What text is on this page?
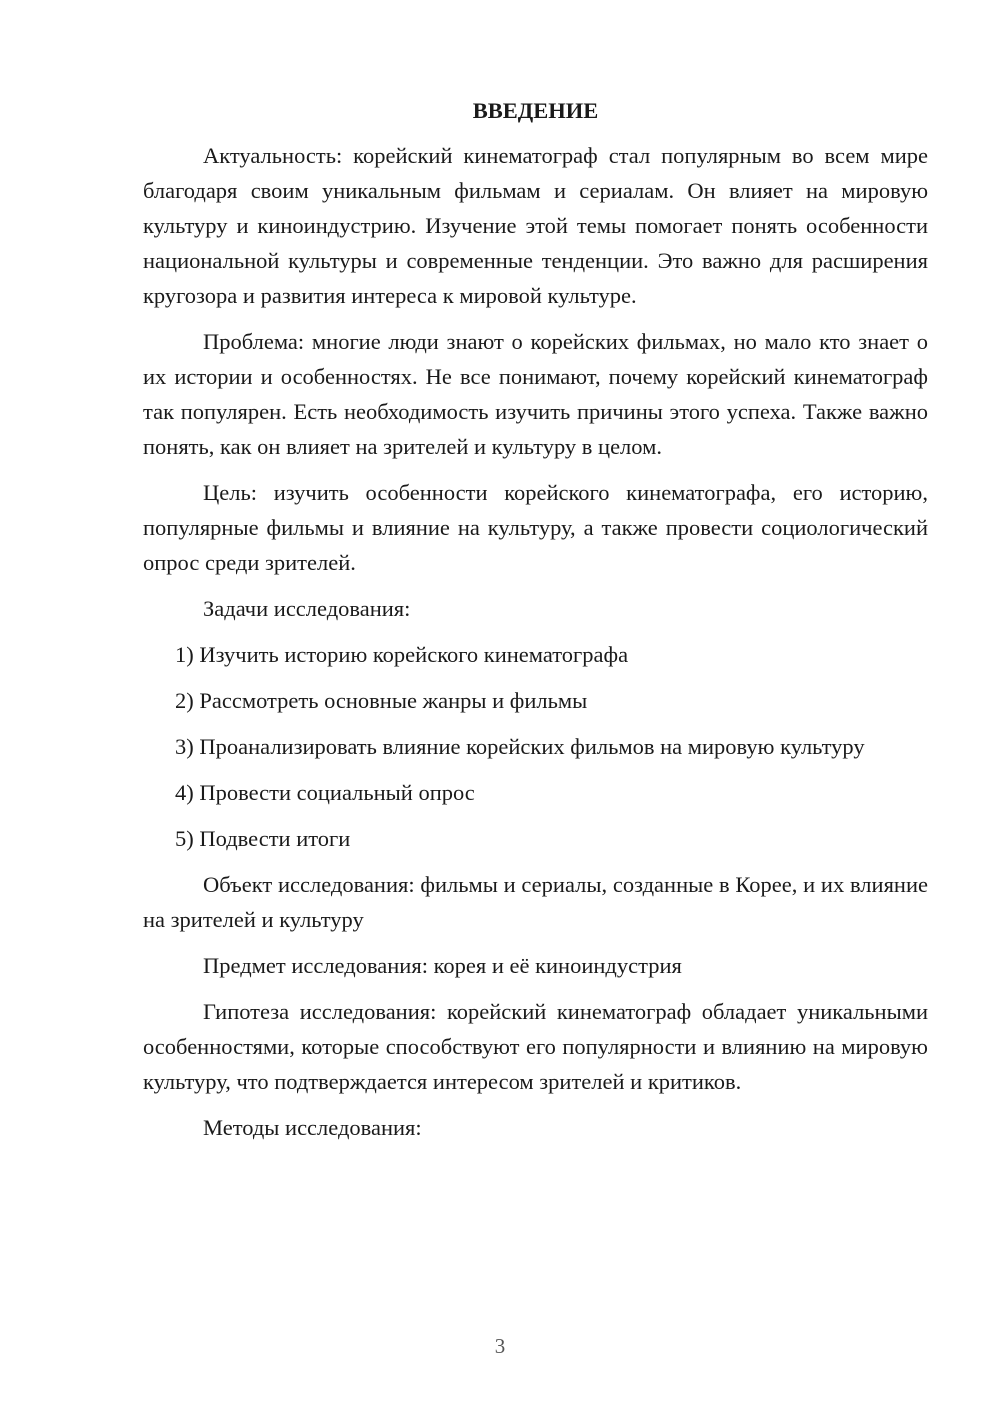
ВВЕДЕНИЕ

Актуальность: корейский кинематограф стал популярным во всем мире благодаря своим уникальным фильмам и сериалам. Он влияет на мировую культуру и киноиндустрию. Изучение этой темы помогает понять особенности национальной культуры и современные тенденции. Это важно для расширения кругозора и развития интереса к мировой культуре.

Проблема: многие люди знают о корейских фильмах, но мало кто знает о их истории и особенностях. Не все понимают, почему корейский кинематограф так популярен. Есть необходимость изучить причины этого успеха. Также важно понять, как он влияет на зрителей и культуру в целом.

Цель: изучить особенности корейского кинематографа, его историю, популярные фильмы и влияние на культуру, а также провести социологический опрос среди зрителей.

Задачи исследования:

1) Изучить историю корейского кинематографа

2) Рассмотреть основные жанры и фильмы

3) Проанализировать влияние корейских фильмов на мировую культуру

4) Провести социальный опрос

5) Подвести итоги

Объект исследования: фильмы и сериалы, созданные в Корее, и их влияние на зрителей и культуру

Предмет исследования: корея и её киноиндустрия

Гипотеза исследования: корейский кинематограф обладает уникальными особенностями, которые способствуют его популярности и влиянию на мировую культуру, что подтверждается интересом зрителей и критиков.

Методы исследования:

3
